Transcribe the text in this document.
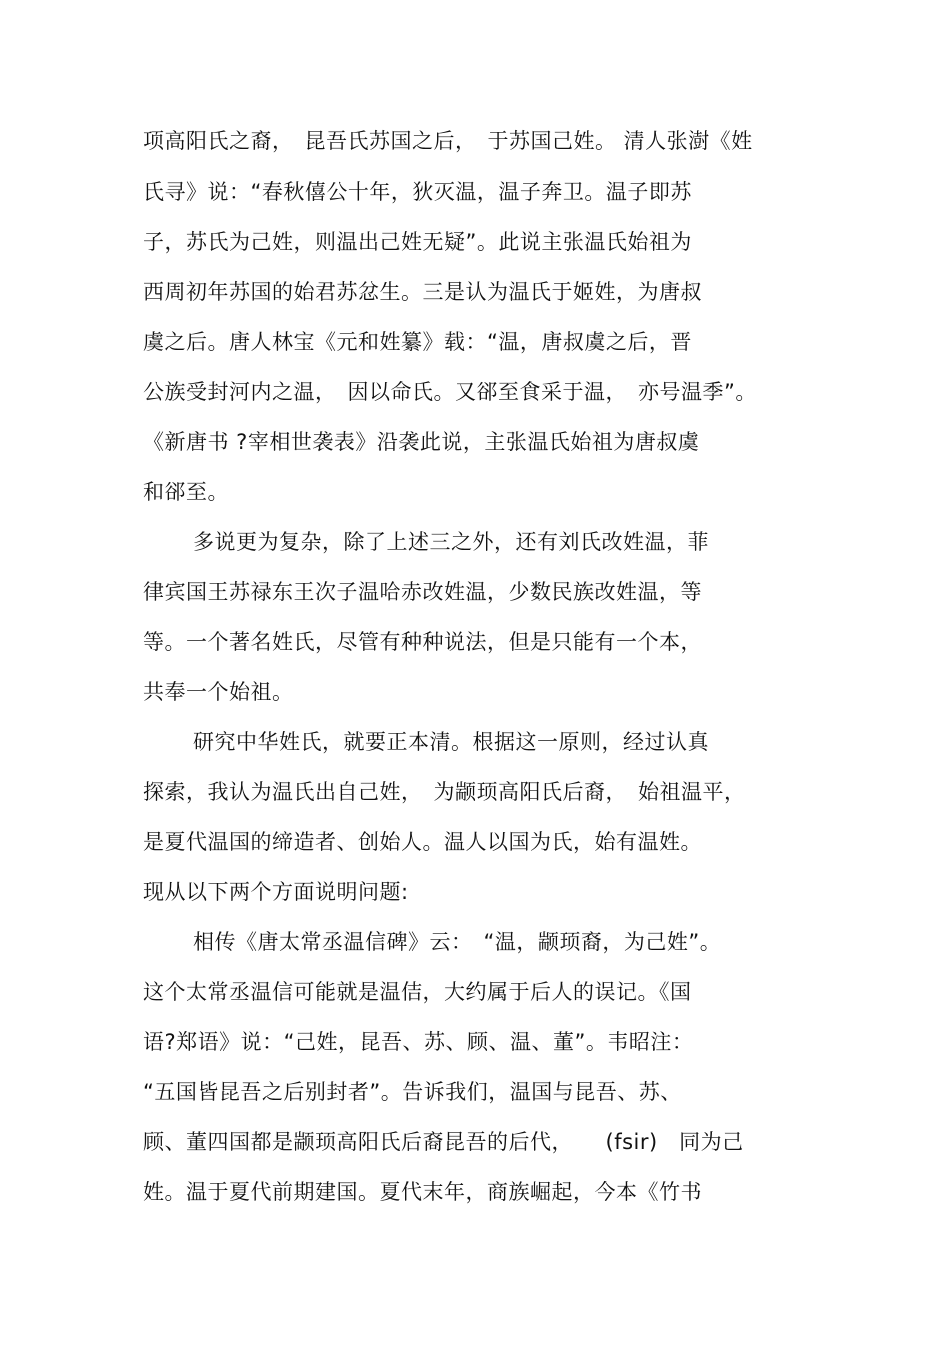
项高阳氏之裔，　昆吾氏苏国之后，　于苏国己姓。 清人张澍《姓
氏寻》说：“春秋僖公十年，狄灭温，温子奔卫。温子即苏
子，苏氏为己姓，则温出己姓无疑”。此说主张温氏始祖为
西周初年苏国的始君苏忿生。三是认为温氏于姬姓，为唐叔
虞之后。唐人林宝《元和姓纂》载：“温，唐叔虞之后，晋
公族受封河内之温，　因以命氏。又郤至食采于温，　亦号温季”。
《新唐书 ?宰相世袭表》沿袭此说，主张温氏始祖为唐叔虞
和郤至。
多说更为复杂，除了上述三之外，还有刘氏改姓温，菲
律宾国王苏禄东王次子温哈赤改姓温，少数民族改姓温，等
等。一个著名姓氏，尽管有种种说法，但是只能有一个本，
共奉一个始祖。
研究中华姓氏，就要正本清。根据这一原则，经过认真
探索，我认为温氏出自己姓，　为颛顼高阳氏后裔，　始祖温平，
是夏代温国的缔造者、创始人。温人以国为氏，始有温姓。
现从以下两个方面说明问题:
相传《唐太常丞温信碑》云：　“温，颛顼裔，为己姓”。
这个太常丞温信可能就是温佶，大约属于后人的误记。《国
语?郑语》说：“己姓，昆吾、苏、顾、温、董”。韦昭注：
“五国皆昆吾之后别封者”。告诉我们，温国与昆吾、苏、
顾、董四国都是颛顼高阳氏后裔昆吾的后代，　　(fsir)　同为己
姓。温于夏代前期建国。夏代末年，商族崛起，今本《竹书
